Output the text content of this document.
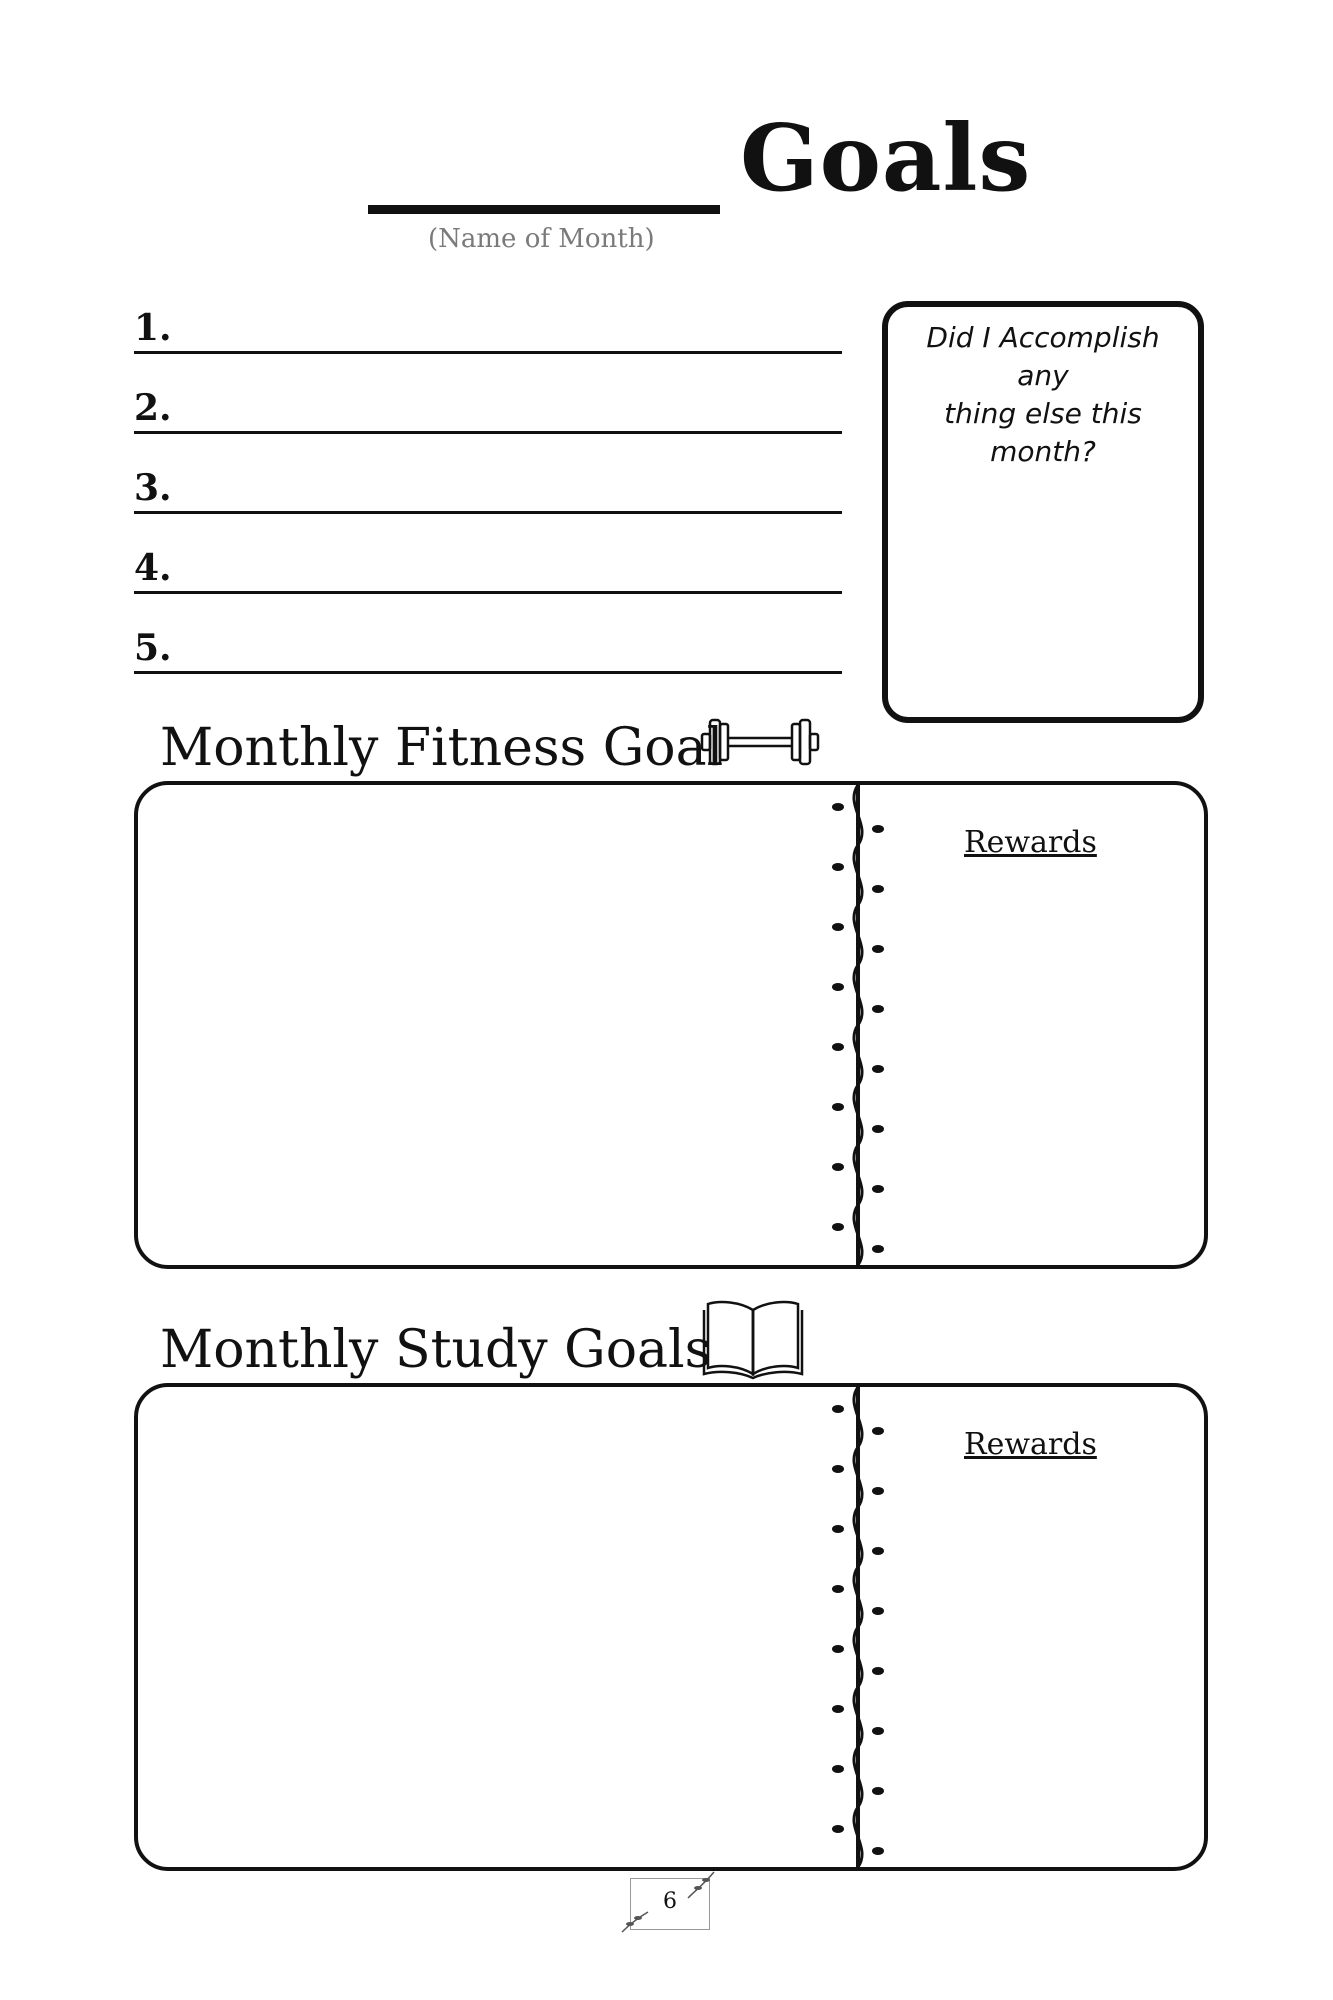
Goals
(Name of Month)
1.
2.
3.
4.
5.
Did I Accomplish any
thing else this month?
Monthly Fitness Goal
Rewards
Monthly Study Goals
Rewards
6
